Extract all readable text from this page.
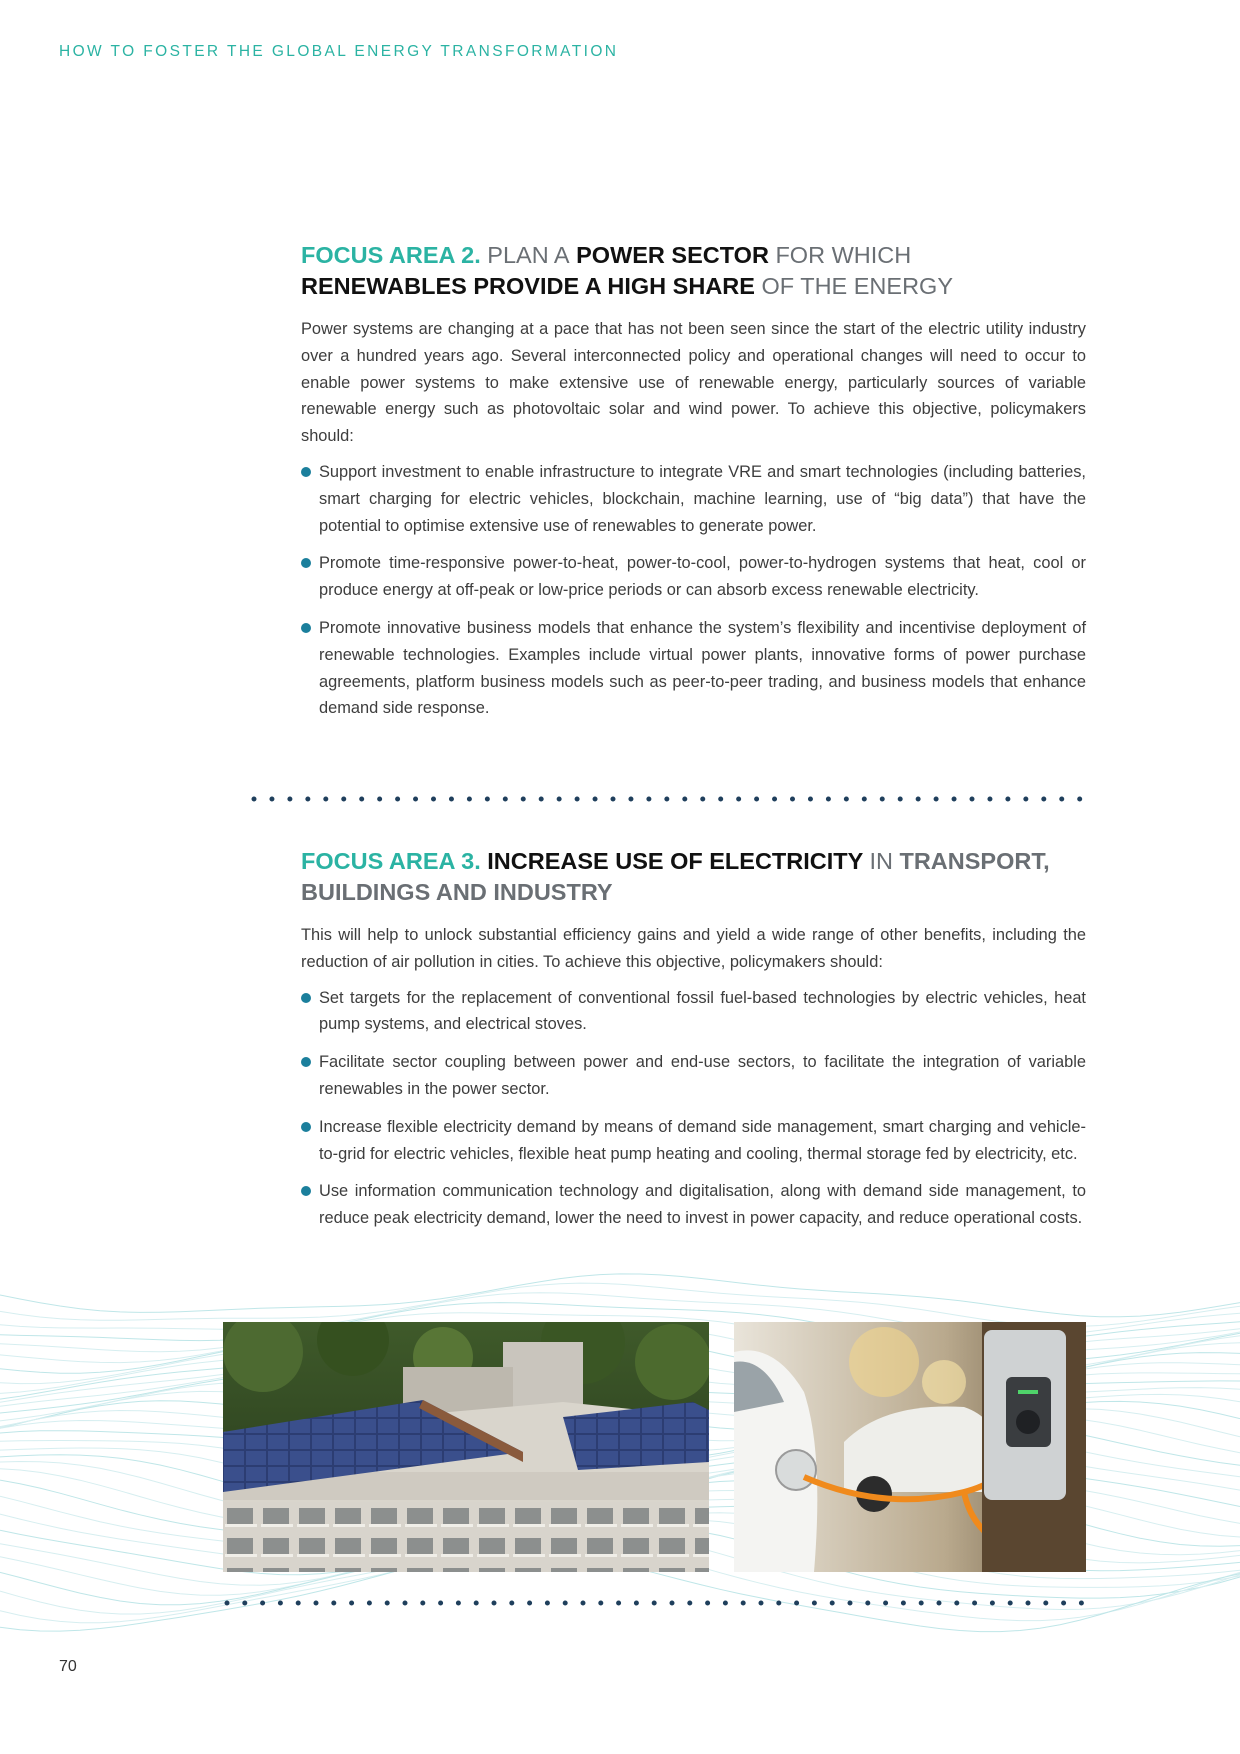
HOW TO FOSTER THE GLOBAL ENERGY TRANSFORMATION
FOCUS AREA 2. PLAN A POWER SECTOR FOR WHICH
RENEWABLES PROVIDE A HIGH SHARE OF THE ENERGY

Power systems are changing at a pace that has not been seen since the start of the electric utility industry over a hundred years ago. Several interconnected policy and operational changes will need to occur to enable power systems to make extensive use of renewable energy, particularly sources of variable renewable energy such as photovoltaic solar and wind power. To achieve this objective, policymakers should:

Support investment to enable infrastructure to integrate VRE and smart technologies (including batteries, smart charging for electric vehicles, blockchain, machine learning, use of “big data”) that have the potential to optimise extensive use of renewables to generate power.
Promote time-responsive power-to-heat, power-to-cool, power-to-hydrogen systems that heat, cool or produce energy at off-peak or low-price periods or can absorb excess renewable electricity.
Promote innovative business models that enhance the system’s flexibility and incentivise deployment of renewable technologies. Examples include virtual power plants, innovative forms of power purchase agreements, platform business models such as peer-to-peer trading, and business models that enhance demand side response.
FOCUS AREA 3. INCREASE USE OF ELECTRICITY IN TRANSPORT, BUILDINGS AND INDUSTRY

This will help to unlock substantial efficiency gains and yield a wide range of other benefits, including the reduction of air pollution in cities. To achieve this objective, policymakers should:

Set targets for the replacement of conventional fossil fuel-based technologies by electric vehicles, heat pump systems, and electrical stoves.
Facilitate sector coupling between power and end-use sectors, to facilitate the integration of variable renewables in the power sector.
Increase flexible electricity demand by means of demand side management, smart charging and vehicle-to-grid for electric vehicles, flexible heat pump heating and cooling, thermal storage fed by electricity, etc.
Use information communication technology and digitalisation, along with demand side management, to reduce peak electricity demand, lower the need to invest in power capacity, and reduce operational costs.
70
